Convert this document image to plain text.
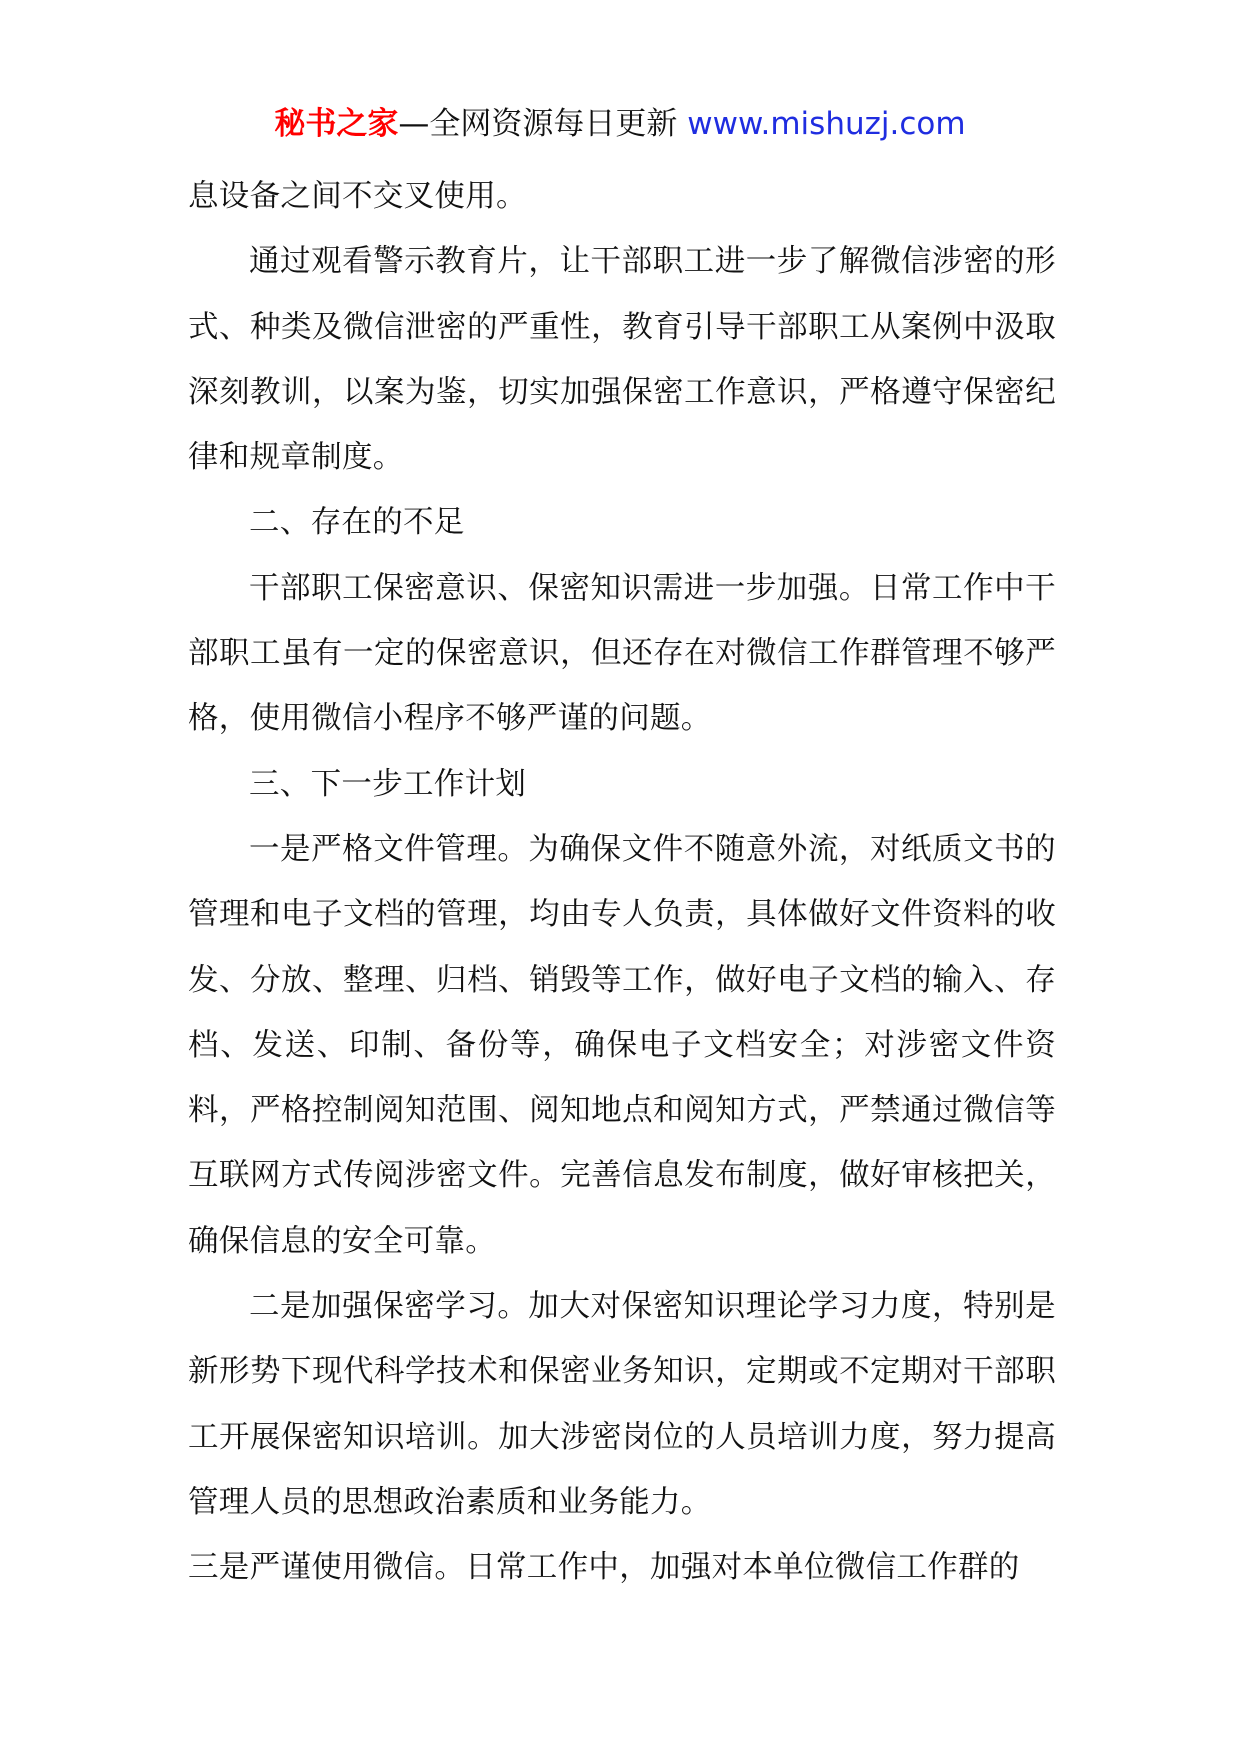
秘书之家—全网资源每日更新 www.mishuzj.com

息设备之间不交叉使用。

通过观看警示教育片，让干部职工进一步了解微信涉密的形式、种类及微信泄密的严重性，教育引导干部职工从案例中汲取深刻教训，以案为鉴，切实加强保密工作意识，严格遵守保密纪律和规章制度。

二、存在的不足

干部职工保密意识、保密知识需进一步加强。日常工作中干部职工虽有一定的保密意识，但还存在对微信工作群管理不够严格，使用微信小程序不够严谨的问题。

三、下一步工作计划

一是严格文件管理。为确保文件不随意外流，对纸质文书的管理和电子文档的管理，均由专人负责，具体做好文件资料的收发、分放、整理、归档、销毁等工作，做好电子文档的输入、存档、发送、印制、备份等，确保电子文档安全；对涉密文件资料，严格控制阅知范围、阅知地点和阅知方式，严禁通过微信等互联网方式传阅涉密文件。完善信息发布制度，做好审核把关，确保信息的安全可靠。

二是加强保密学习。加大对保密知识理论学习力度，特别是新形势下现代科学技术和保密业务知识，定期或不定期对干部职工开展保密知识培训。加大涉密岗位的人员培训力度，努力提高管理人员的思想政治素质和业务能力。

三是严谨使用微信。日常工作中，加强对本单位微信工作群的
